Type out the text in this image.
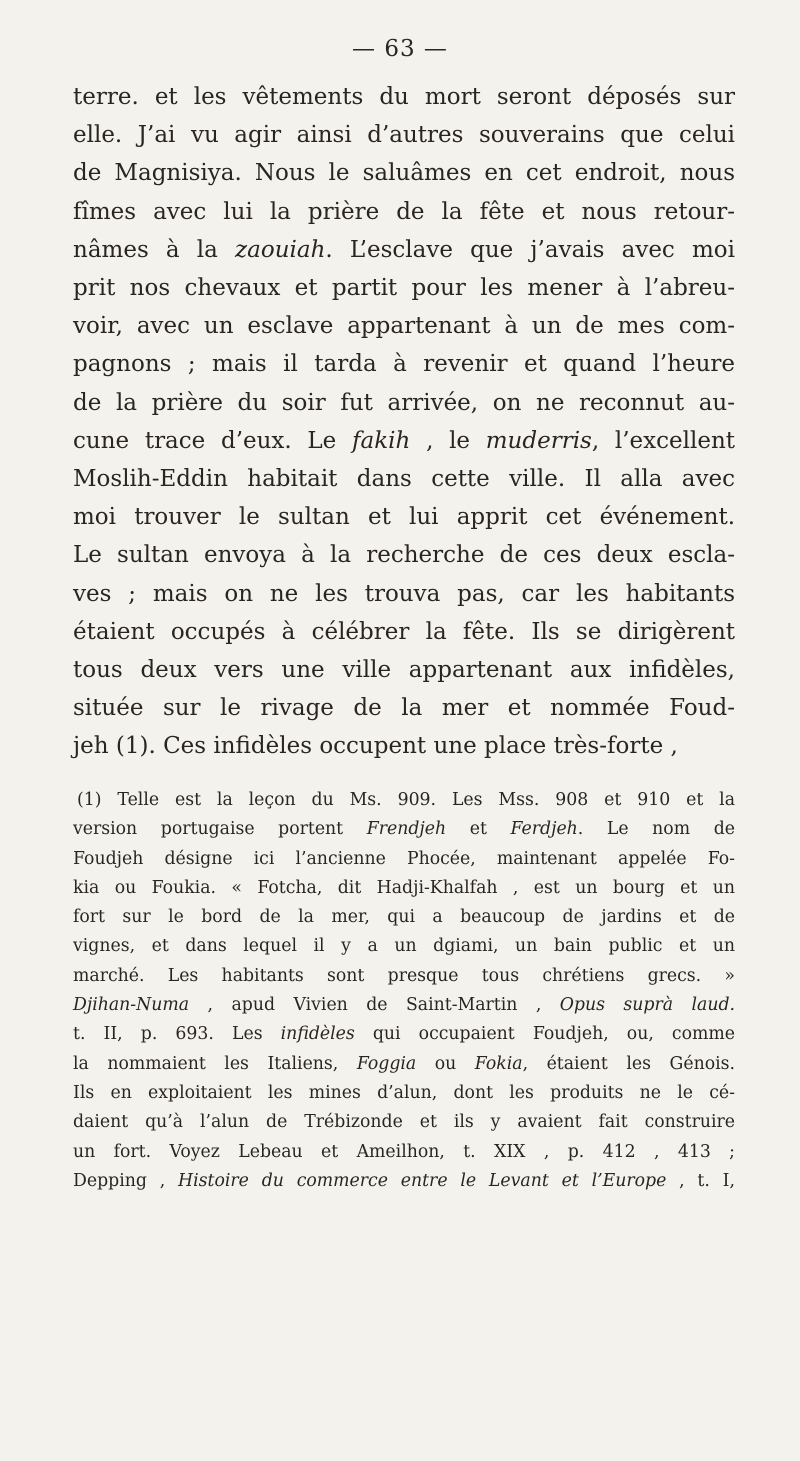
— 63 —
terre. et les vêtements du mort seront déposés sur
elle. J’ai vu agir ainsi d’autres souverains que celui
de Magnisiya. Nous le saluâmes en cet endroit, nous
fîmes avec lui la prière de la fête et nous retour-
nâmes à la zaouiah. L’esclave que j’avais avec moi
prit nos chevaux et partit pour les mener à l’abreu-
voir, avec un esclave appartenant à un de mes com-
pagnons ; mais il tarda à revenir et quand l’heure
de la prière du soir fut arrivée, on ne reconnut au-
cune trace d’eux. Le fakih , le muderris, l’excellent
Moslih-Eddin habitait dans cette ville. Il alla avec
moi trouver le sultan et lui apprit cet événement.
Le sultan envoya à la recherche de ces deux escla-
ves ; mais on ne les trouva pas, car les habitants
étaient occupés à célébrer la fête. Ils se dirigèrent
tous deux vers une ville appartenant aux infidèles,
située sur le rivage de la mer et nommée Foud-
jeh (1). Ces infidèles occupent une place très-forte ,
(1) Telle est la leçon du Ms. 909. Les Mss. 908 et 910 et la
version portugaise portent Frendjeh et Ferdjeh. Le nom de
Foudjeh désigne ici l’ancienne Phocée, maintenant appelée Fo-
kia ou Foukia. « Fotcha, dit Hadji-Khalfah , est un bourg et un
fort sur le bord de la mer, qui a beaucoup de jardins et de
vignes, et dans lequel il y a un dgiami, un bain public et un
marché. Les habitants sont presque tous chrétiens grecs. »
Djihan-Numa , apud Vivien de Saint-Martin , Opus suprà laud.
t. II, p. 693. Les infidèles qui occupaient Foudjeh, ou, comme
la nommaient les Italiens, Foggia ou Fokia, étaient les Génois.
Ils en exploitaient les mines d’alun, dont les produits ne le cé-
daient qu’à l’alun de Trébizonde et ils y avaient fait construire
un fort. Voyez Lebeau et Ameilhon, t. XIX , p. 412 , 413 ;
Depping , Histoire du commerce entre le Levant et l’Europe , t. I,
